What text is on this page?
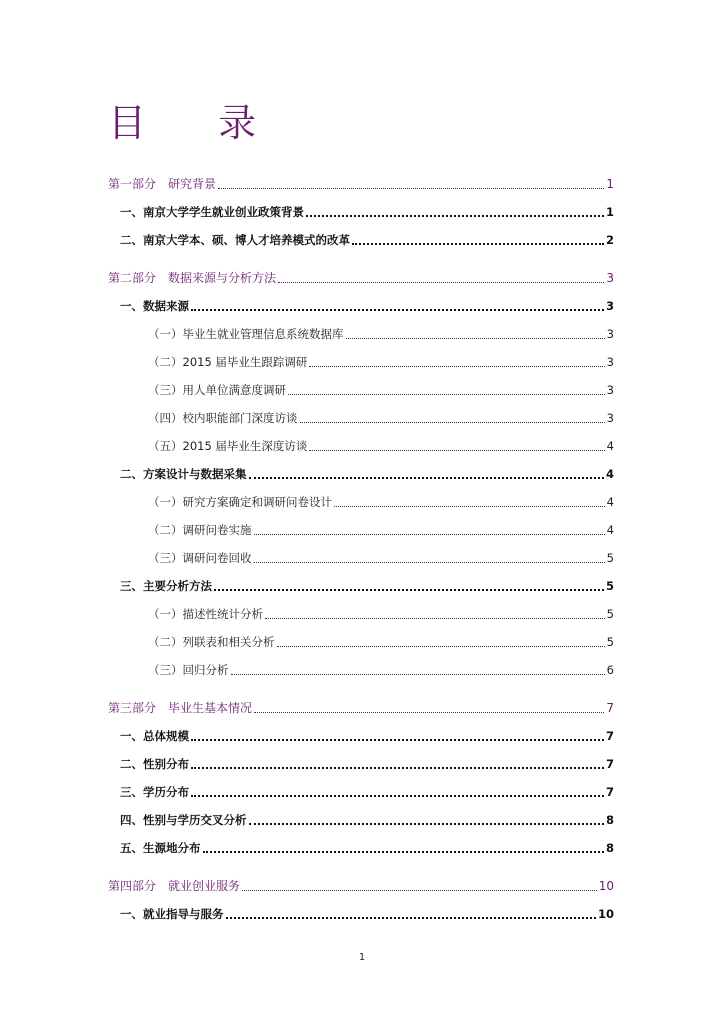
目 录
第一部分　研究背景	1
一、南京大学学生就业创业政策背景	1
二、南京大学本、硕、博人才培养模式的改革	2
第二部分　数据来源与分析方法	3
一、数据来源	3
（一）毕业生就业管理信息系统数据库	3
（二）2015 届毕业生跟踪调研	3
（三）用人单位满意度调研	3
（四）校内职能部门深度访谈	3
（五）2015 届毕业生深度访谈	4
二、方案设计与数据采集	4
（一）研究方案确定和调研问卷设计	4
（二）调研问卷实施	4
（三）调研问卷回收	5
三、主要分析方法	5
（一）描述性统计分析	5
（二）列联表和相关分析	5
（三）回归分析	6
第三部分　毕业生基本情况	7
一、总体规模	7
二、性别分布	7
三、学历分布	7
四、性别与学历交叉分析	8
五、生源地分布	8
第四部分　就业创业服务	10
一、就业指导与服务	10
1
